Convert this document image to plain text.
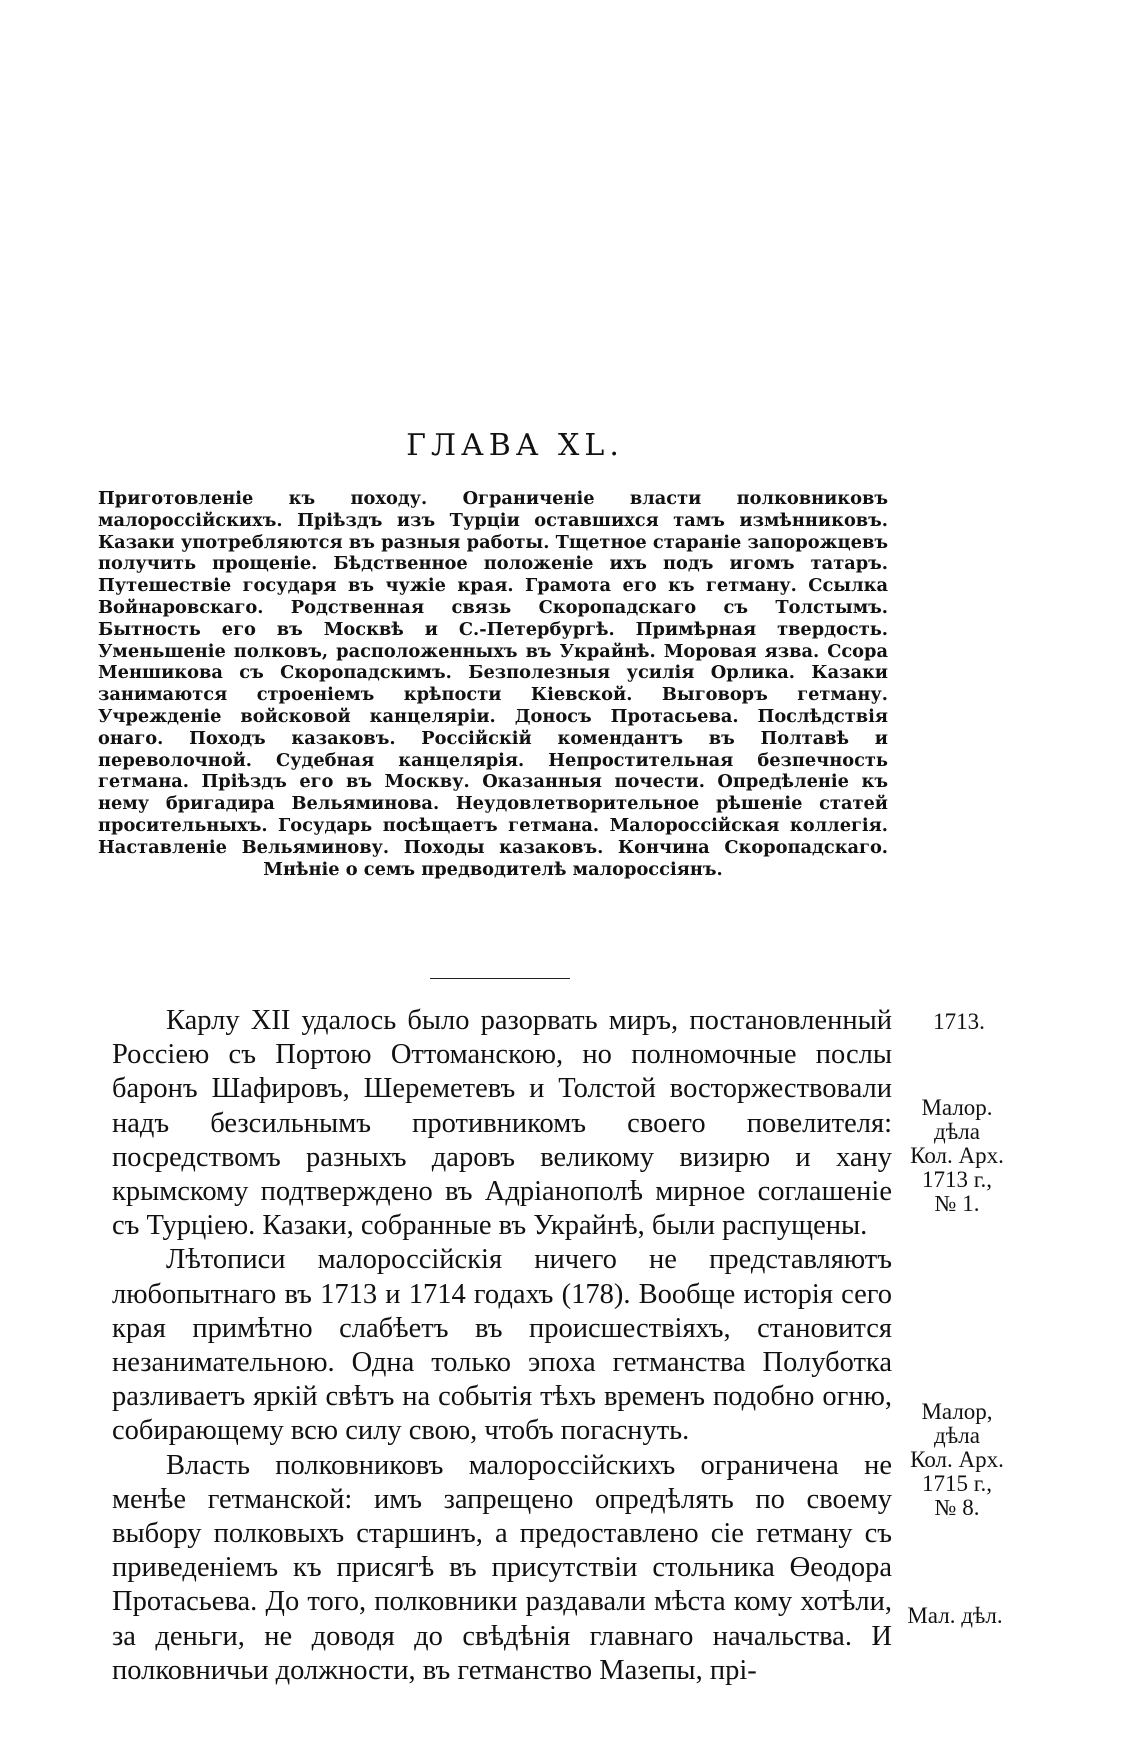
ГЛАВА XL.

Приготовленіе къ походу. Ограниченіе власти полковниковъ малороссійскихъ. Пріѣздъ изъ Турціи оставшихся тамъ измѣнниковъ. Казаки употребляются въ разныя работы. Тщетное стараніе запорожцевъ получить прощеніе. Бѣдственное положеніе ихъ подъ игомъ татаръ. Путешествіе государя въ чужіе края. Грамота его къ гетману. Ссылка Войнаровскаго. Родственная связь Скоропадскаго съ Толстымъ. Бытность его въ Москвѣ и С.-Петербургѣ. Примѣрная твердость. Уменьшеніе полковъ, расположенныхъ въ Украйнѣ. Моровая язва. Ссора Меншикова съ Скоропадскимъ. Безполезныя усилія Орлика. Казаки занимаются строеніемъ крѣпости Кіевской. Выговоръ гетману. Учрежденіе войсковой канцеляріи. Доносъ Протасьева. Послѣдствія онаго. Походъ казаковъ. Россійскій комендантъ въ Полтавѣ и переволочной. Судебная канцелярія. Непростительная безпечность гетмана. Пріѣздъ его въ Москву. Оказанныя почести. Опредѣленіе къ нему бригадира Вельяминова. Неудовлетворительное рѣшеніе статей просительныхъ. Государь посѣщаетъ гетмана. Малороссійская коллегія. Наставленіе Вельяминову. Походы казаковъ. Кончина Скоропадскаго. Мнѣніе о семъ предводителѣ малороссіянъ.

Карлу XII удалось было разорвать миръ, постановленный Россіею съ Портою Оттоманскою, но полномочные послы баронъ Шафировъ, Шереметевъ и Толстой восторжествовали надъ безсильнымъ противникомъ своего повелителя: посредствомъ разныхъ даровъ великому визирю и хану крымскому подтверждено въ Адріанополѣ мирное соглашеніе съ Турціею. Казаки, собранные въ Украйнѣ, были распущены.

Лѣтописи малороссійскія ничего не представляютъ любопытнаго въ 1713 и 1714 годахъ (178). Вообще исторія сего края примѣтно слабѣетъ въ происшествіяхъ, становится незанимательною. Одна только эпоха гетманства Полуботка разливаетъ яркій свѣтъ на событія тѣхъ временъ подобно огню, собирающему всю силу свою, чтобъ погаснуть.

Власть полковниковъ малороссійскихъ ограничена не менѣе гетманской: имъ запрещено опредѣлять по своему выбору полковыхъ старшинъ, а предоставлено сіе гетману съ приведеніемъ къ присягѣ въ присутствіи стольника Өеодора Протасьева. До того, полковники раздавали мѣста кому хотѣли, за деньги, не доводя до свѣдѣнія главнаго начальства. И полковничьи должности, въ гетманство Мазепы, прі-

1713.
Малор.
дѣла
Кол. Арх.
1713 г.,
№ 1.
Малор,
дѣла
Кол. Арх.
1715 г.,
№ 8.
Мал. дѣл.
